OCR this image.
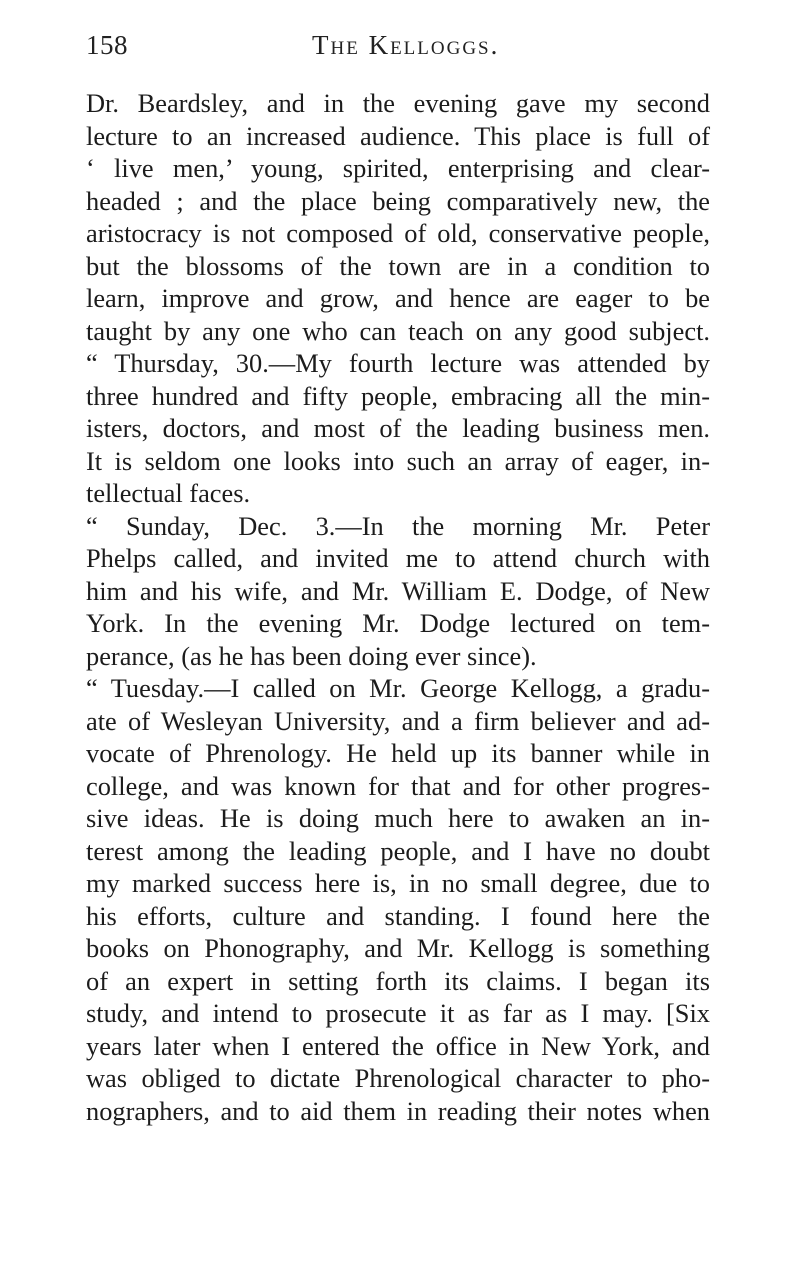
158	The Kelloggs.
Dr. Beardsley, and in the evening gave my second
lecture to an increased audience. This place is full of
‘ live men,’ young, spirited, enterprising and clear-
headed ; and the place being comparatively new, the
aristocracy is not composed of old, conservative people,
but the blossoms of the town are in a condition to
learn, improve and grow, and hence are eager to be
taught by any one who can teach on any good subject.
“ Thursday, 30.—My fourth lecture was attended by
three hundred and fifty people, embracing all the min-
isters, doctors, and most of the leading business men.
It is seldom one looks into such an array of eager, in-
tellectual faces.
“ Sunday, Dec. 3.—In the morning Mr. Peter
Phelps called, and invited me to attend church with
him and his wife, and Mr. William E. Dodge, of New
York. In the evening Mr. Dodge lectured on tem-
perance, (as he has been doing ever since).
“ Tuesday.—I called on Mr. George Kellogg, a gradu-
ate of Wesleyan University, and a firm believer and ad-
vocate of Phrenology. He held up its banner while in
college, and was known for that and for other progres-
sive ideas. He is doing much here to awaken an in-
terest among the leading people, and I have no doubt
my marked success here is, in no small degree, due to
his efforts, culture and standing. I found here the
books on Phonography, and Mr. Kellogg is something
of an expert in setting forth its claims. I began its
study, and intend to prosecute it as far as I may. [Six
years later when I entered the office in New York, and
was obliged to dictate Phrenological character to pho-
nographers, and to aid them in reading their notes when
